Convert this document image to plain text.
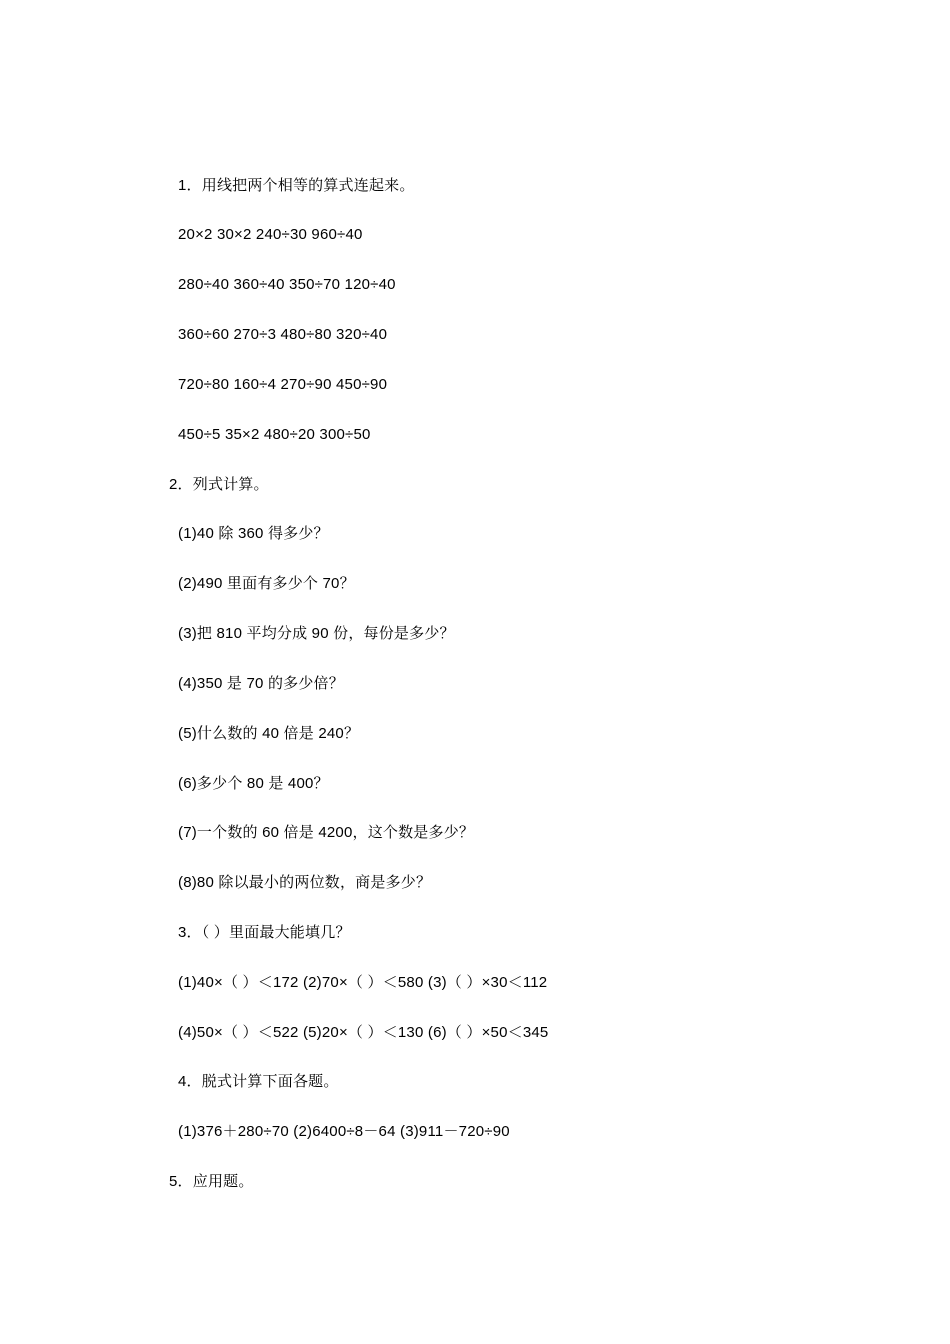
1．用线把两个相等的算式连起来。
20×2 30×2 240÷30 960÷40
280÷40 360÷40 350÷70 120÷40
360÷60 270÷3 480÷80 320÷40
720÷80 160÷4 270÷90 450÷90
450÷5 35×2 480÷20 300÷50
2．列式计算。
(1)40 除 360 得多少？
(2)490 里面有多少个 70？
(3)把 810 平均分成 90 份，每份是多少？
(4)350 是 70 的多少倍？
(5)什么数的 40 倍是 240？
(6)多少个 80 是 400？
(7)一个数的 60 倍是 4200，这个数是多少？
(8)80 除以最小的两位数，商是多少？
3．（ ）里面最大能填几？
(1)40×（ ）＜172 (2)70×（ ）＜580 (3)（ ）×30＜112
(4)50×（ ）＜522 (5)20×（ ）＜130 (6)（ ）×50＜345
4．脱式计算下面各题。
(1)376＋280÷70 (2)6400÷8－64 (3)911－720÷90
5．应用题。
